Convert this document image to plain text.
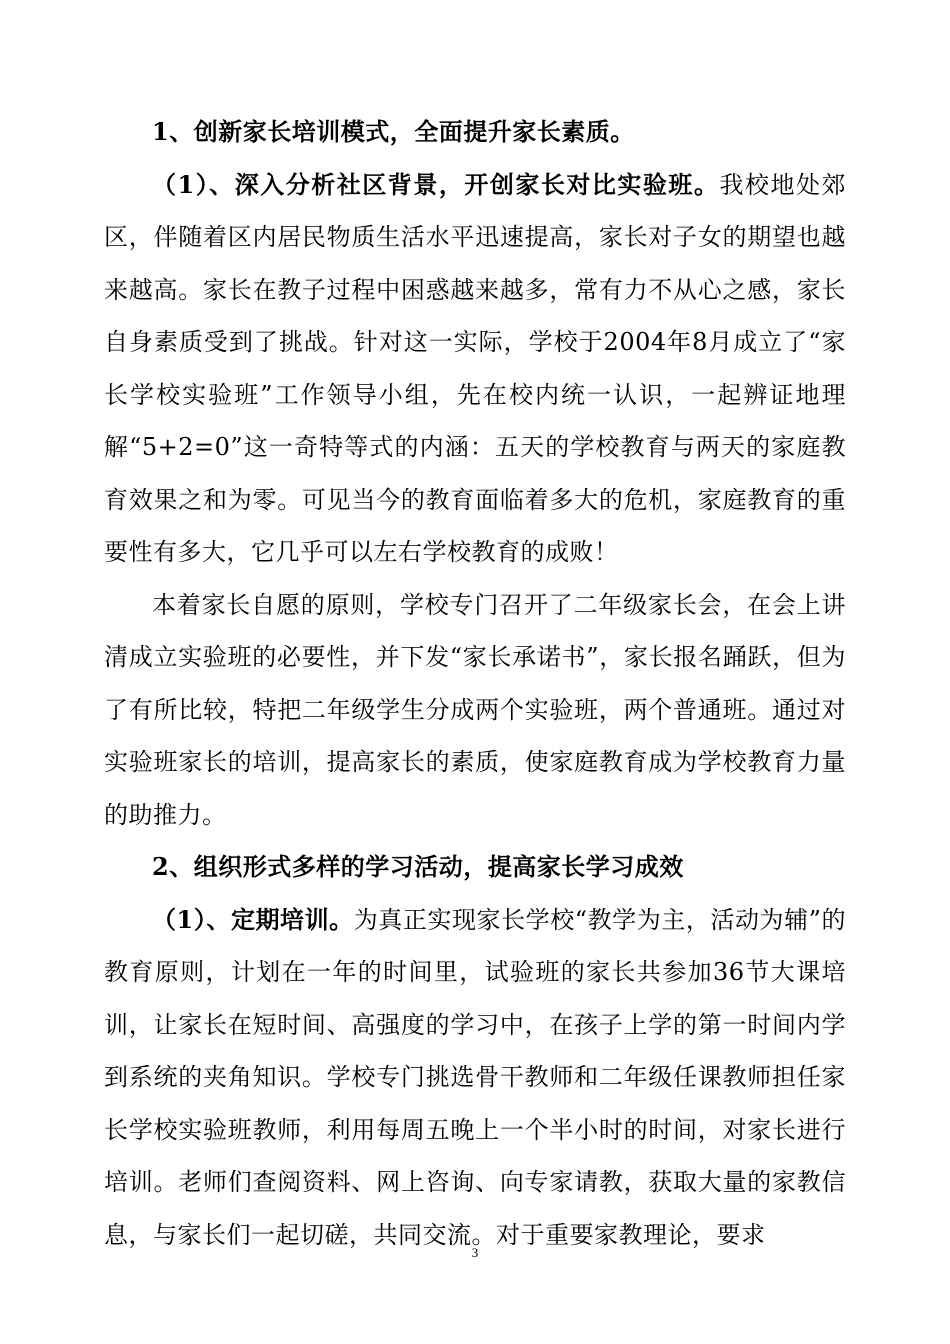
1、创新家长培训模式，全面提升家长素质。

（1）、深入分析社区背景，开创家长对比实验班。我校地处郊区，伴随着区内居民物质生活水平迅速提高，家长对子女的期望也越来越高。家长在教子过程中困惑越来越多，常有力不从心之感，家长自身素质受到了挑战。针对这一实际，学校于2004年8月成立了“家长学校实验班”工作领导小组，先在校内统一认识，一起辨证地理解“5+2=0”这一奇特等式的内涵：五天的学校教育与两天的家庭教育效果之和为零。可见当今的教育面临着多大的危机，家庭教育的重要性有多大，它几乎可以左右学校教育的成败！

本着家长自愿的原则，学校专门召开了二年级家长会，在会上讲清成立实验班的必要性，并下发“家长承诺书”，家长报名踊跃，但为了有所比较，特把二年级学生分成两个实验班，两个普通班。通过对实验班家长的培训，提高家长的素质，使家庭教育成为学校教育力量的助推力。

2、组织形式多样的学习活动，提高家长学习成效

（1）、定期培训。为真正实现家长学校“教学为主，活动为辅”的教育原则，计划在一年的时间里，试验班的家长共参加36节大课培训，让家长在短时间、高强度的学习中，在孩子上学的第一时间内学到系统的夹角知识。学校专门挑选骨干教师和二年级任课教师担任家长学校实验班教师，利用每周五晚上一个半小时的时间，对家长进行培训。老师们查阅资料、网上咨询、向专家请教，获取大量的家教信息，与家长们一起切磋，共同交流。对于重要家教理论，要求

3
